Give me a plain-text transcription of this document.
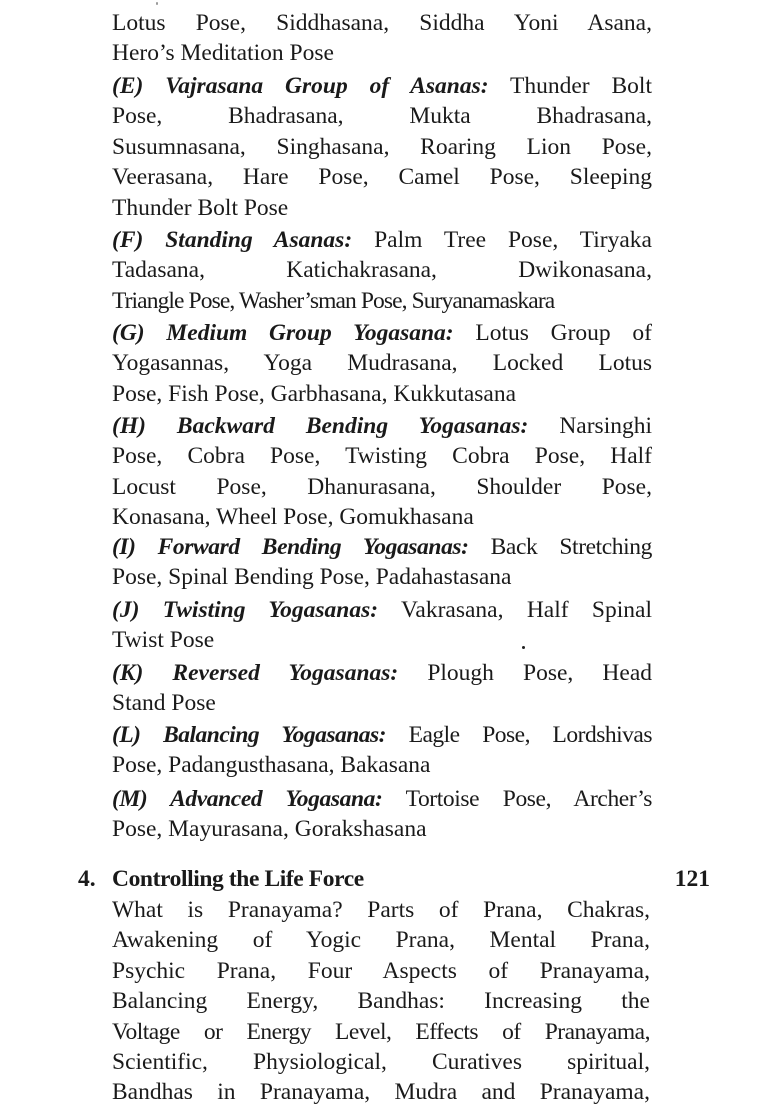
Lotus Pose, Siddhasana, Siddha Yoni Asana,
Hero’s Meditation Pose
(E) Vajrasana Group of Asanas: Thunder Bolt
Pose, Bhadrasana, Mukta Bhadrasana,
Susumnasana, Singhasana, Roaring Lion Pose,
Veerasana, Hare Pose, Camel Pose, Sleeping
Thunder Bolt Pose
(F) Standing Asanas: Palm Tree Pose, Tiryaka
Tadasana, Katichakrasana, Dwikonasana,
Triangle Pose, Washer’sman Pose, Suryanamaskara
(G) Medium Group Yogasana: Lotus Group of
Yogasannas, Yoga Mudrasana, Locked Lotus
Pose, Fish Pose, Garbhasana, Kukkutasana
(H) Backward Bending Yogasanas: Narsinghi
Pose, Cobra Pose, Twisting Cobra Pose, Half
Locust Pose, Dhanurasana, Shoulder Pose,
Konasana, Wheel Pose, Gomukhasana
(I) Forward Bending Yogasanas: Back Stretching
Pose, Spinal Bending Pose, Padahastasana
(J) Twisting Yogasanas: Vakrasana, Half Spinal
Twist Pose
(K) Reversed Yogasanas: Plough Pose, Head
Stand Pose
(L) Balancing Yogasanas: Eagle Pose, Lordshivas
Pose, Padangusthasana, Bakasana
(M) Advanced Yogasana: Tortoise Pose, Archer’s
Pose, Mayurasana, Gorakshasana
4. Controlling the Life Force	121
What is Pranayama? Parts of Prana, Chakras,
Awakening of Yogic Prana, Mental Prana,
Psychic Prana, Four Aspects of Pranayama,
Balancing Energy, Bandhas: Increasing the
Voltage or Energy Level, Effects of Pranayama,
Scientific, Physiological, Curatives spiritual,
Bandhas in Pranayama, Mudra and Pranayama,
